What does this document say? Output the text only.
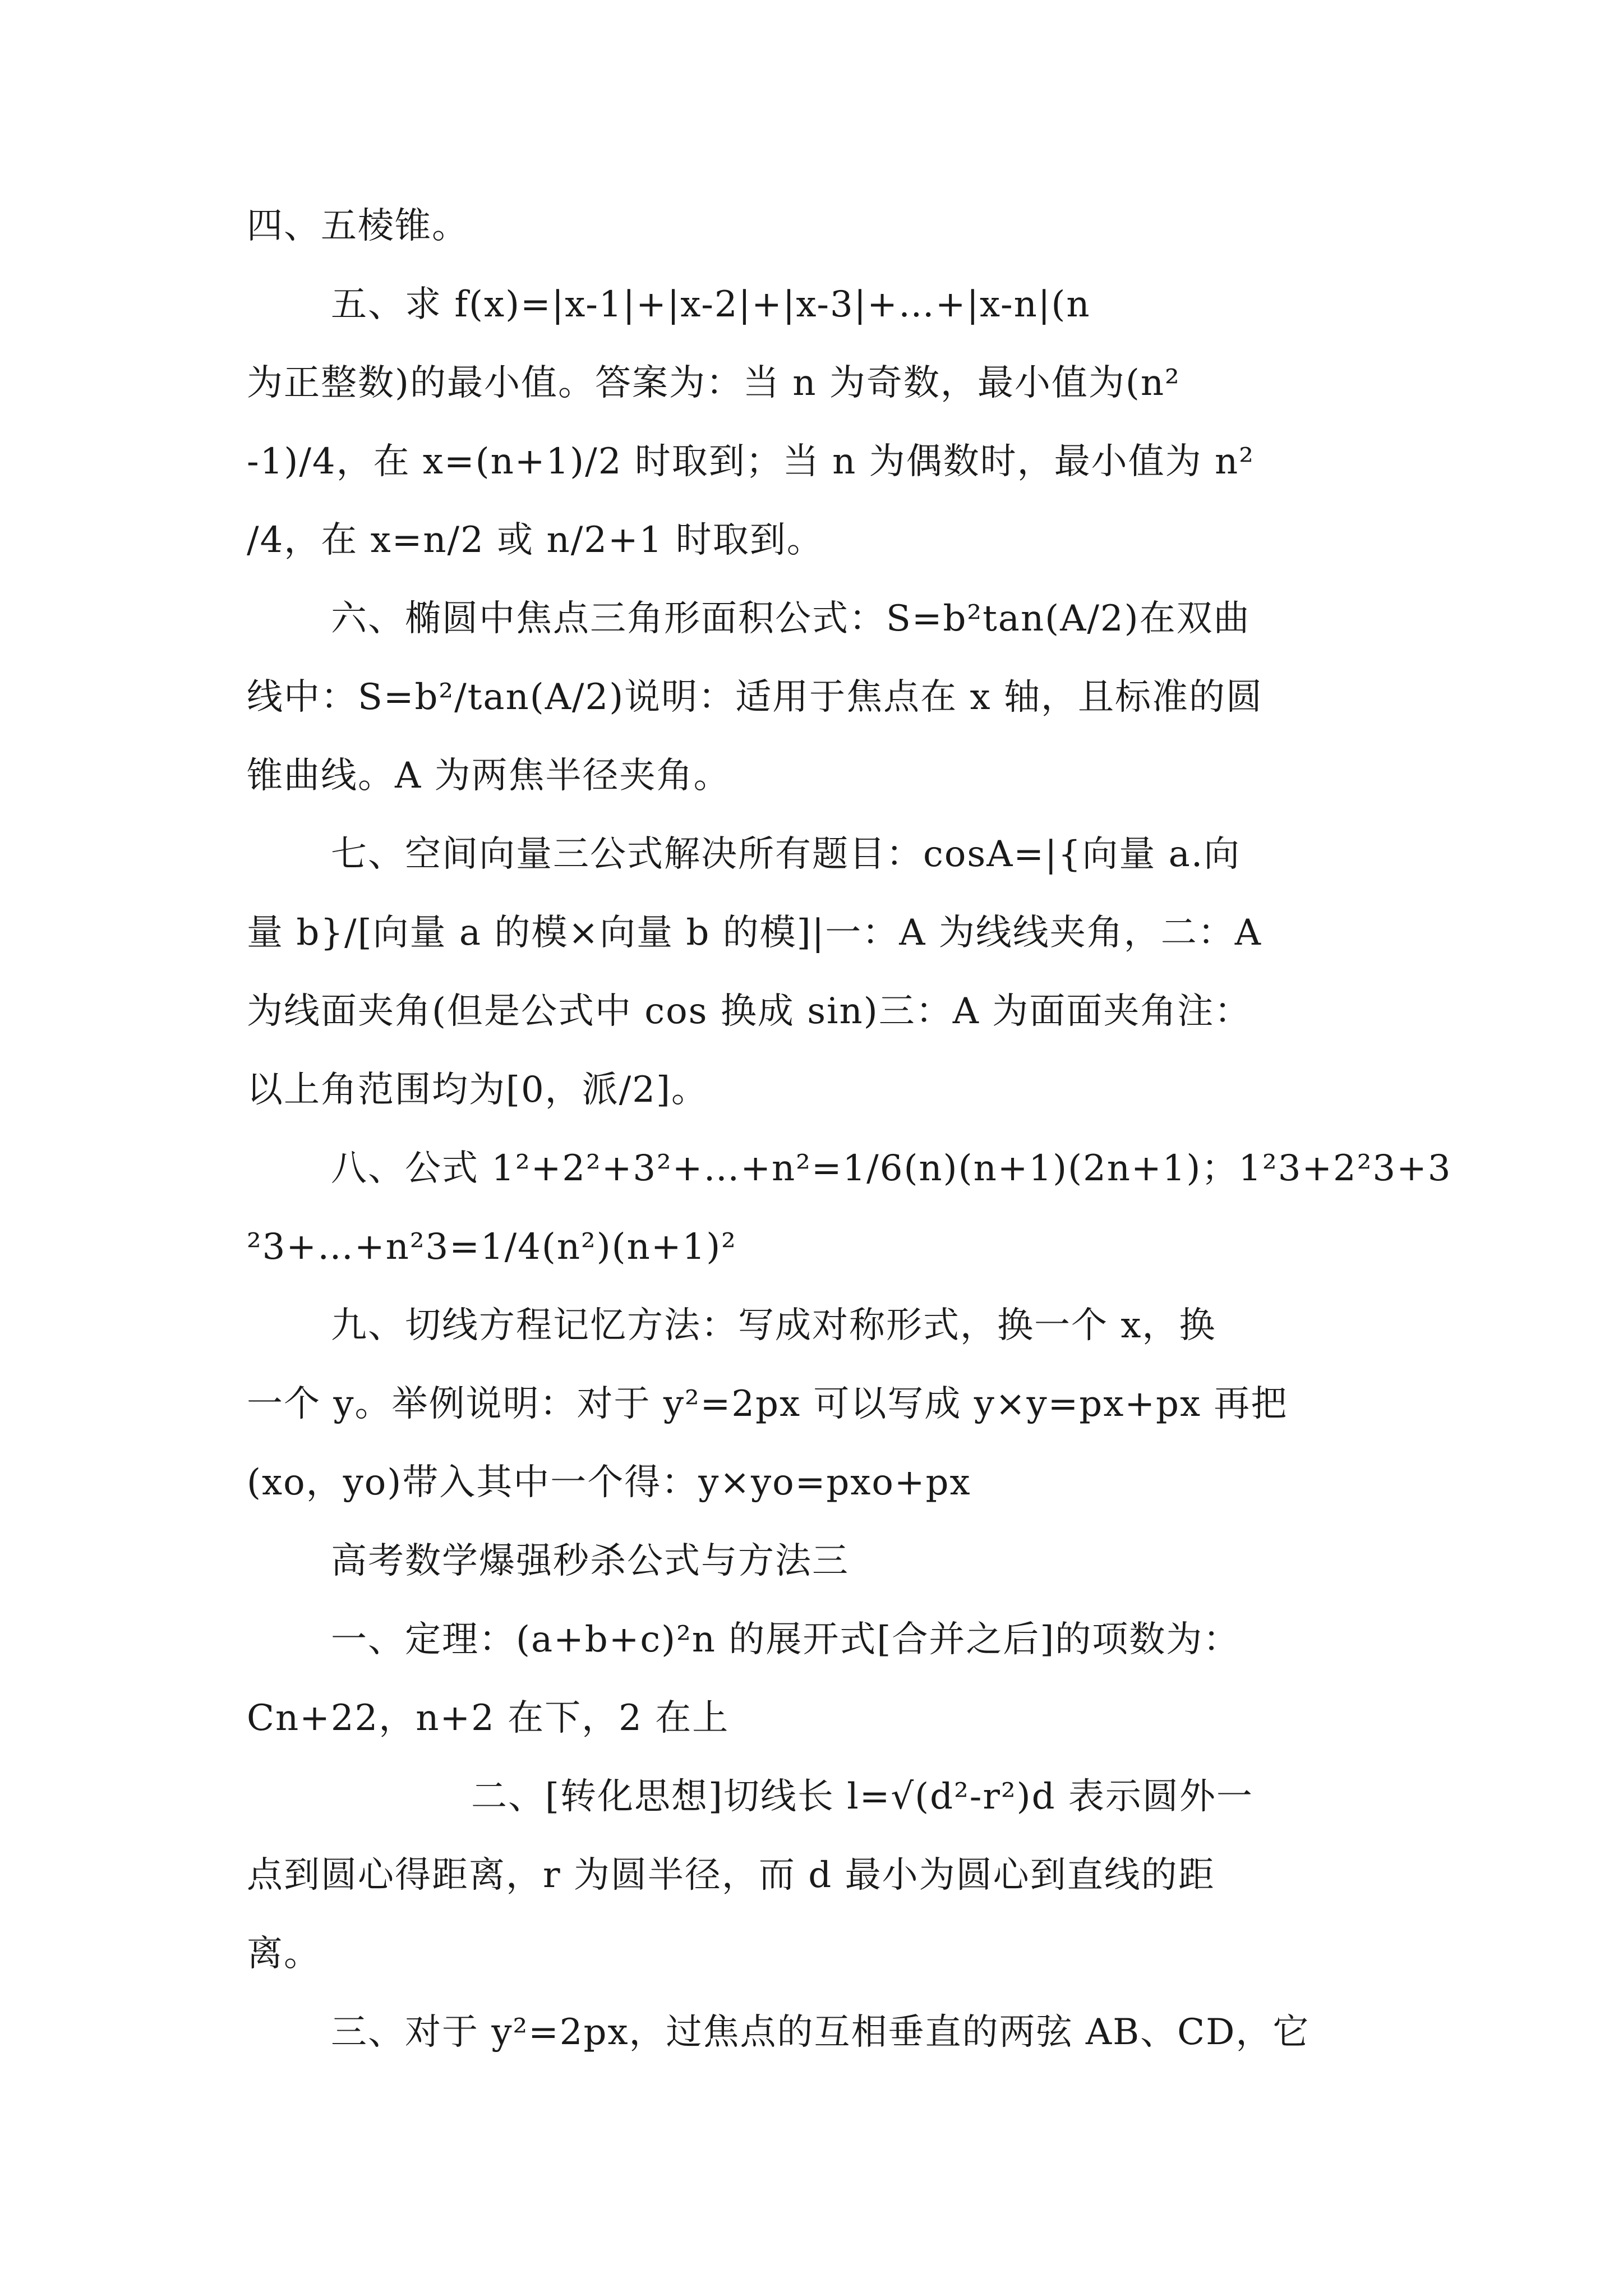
四、五棱锥。
五、求 f(x)=|x-1|+|x-2|+|x-3|+…+|x-n|(n
为正整数)的最小值。答案为：当 n 为奇数，最小值为(n²
-1)/4，在 x=(n+1)/2 时取到；当 n 为偶数时，最小值为 n²
/4，在 x=n/2 或 n/2+1 时取到。
六、椭圆中焦点三角形面积公式：S=b²tan(A/2)在双曲
线中：S=b²/tan(A/2)说明：适用于焦点在 x 轴，且标准的圆
锥曲线。A 为两焦半径夹角。
七、空间向量三公式解决所有题目：cosA=|{向量 a.向
量 b}/[向量 a 的模×向量 b 的模]|一：A 为线线夹角，二：A
为线面夹角(但是公式中 cos 换成 sin)三：A 为面面夹角注：
以上角范围均为[0，派/2]。
八、公式 1²+2²+3²+…+n²=1/6(n)(n+1)(2n+1)；1²3+2²3+3
²3+…+n²3=1/4(n²)(n+1)²
九、切线方程记忆方法：写成对称形式，换一个 x，换
一个 y。举例说明：对于 y²=2px 可以写成 y×y=px+px 再把
(xo，yo)带入其中一个得：y×yo=pxo+px
高考数学爆强秒杀公式与方法三
一、定理：(a+b+c)²n 的展开式[合并之后]的项数为：
Cn+22，n+2 在下，2 在上
二、[转化思想]切线长 l=√(d²-r²)d 表示圆外一
点到圆心得距离，r 为圆半径，而 d 最小为圆心到直线的距
离。
三、对于 y²=2px，过焦点的互相垂直的两弦 AB、CD，它
